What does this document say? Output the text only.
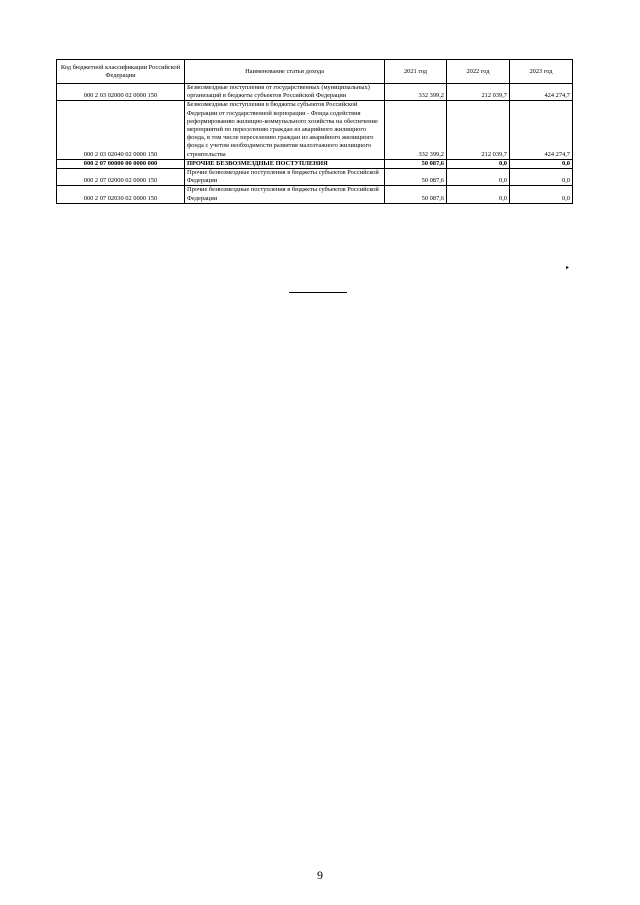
Код бюджетной классификации Российской Федерации	Наименование статьи дохода	2021 год	2022 год	2023 год
000 2 03 02000 02 0000 150	Безвозмездные поступления от государственных (муниципальных) организаций в бюджеты субъектов Российской Федерации	332 399,2	212 039,7	424 274,7
000 2 03 02040 02 0000 150	Безвозмездные поступления в бюджеты субъектов Российской Федерации от государственной корпорации - Фонда содействия реформированию жилищно-коммунального хозяйства на обеспечение мероприятий по переселению граждан из аварийного жилищного фонда, в том числе переселению граждан из аварийного жилищного фонда с учетом необходимости развития малоэтажного жилищного строительства	332 399,2	212 039,7	424 274,7
000 2 07 00000 00 0000 000	ПРОЧИЕ БЕЗВОЗМЕЗДНЫЕ ПОСТУПЛЕНИЯ	50 087,6	0,0	0,0
000 2 07 02000 02 0000 150	Прочие безвозмездные поступления в бюджеты субъектов Российской Федерации	50 087,6	0,0	0,0
000 2 07 02030 02 0000 150	Прочие безвозмездные поступления в бюджеты субъектов Российской Федерации	50 087,6	0,0	0,0
▸
9
